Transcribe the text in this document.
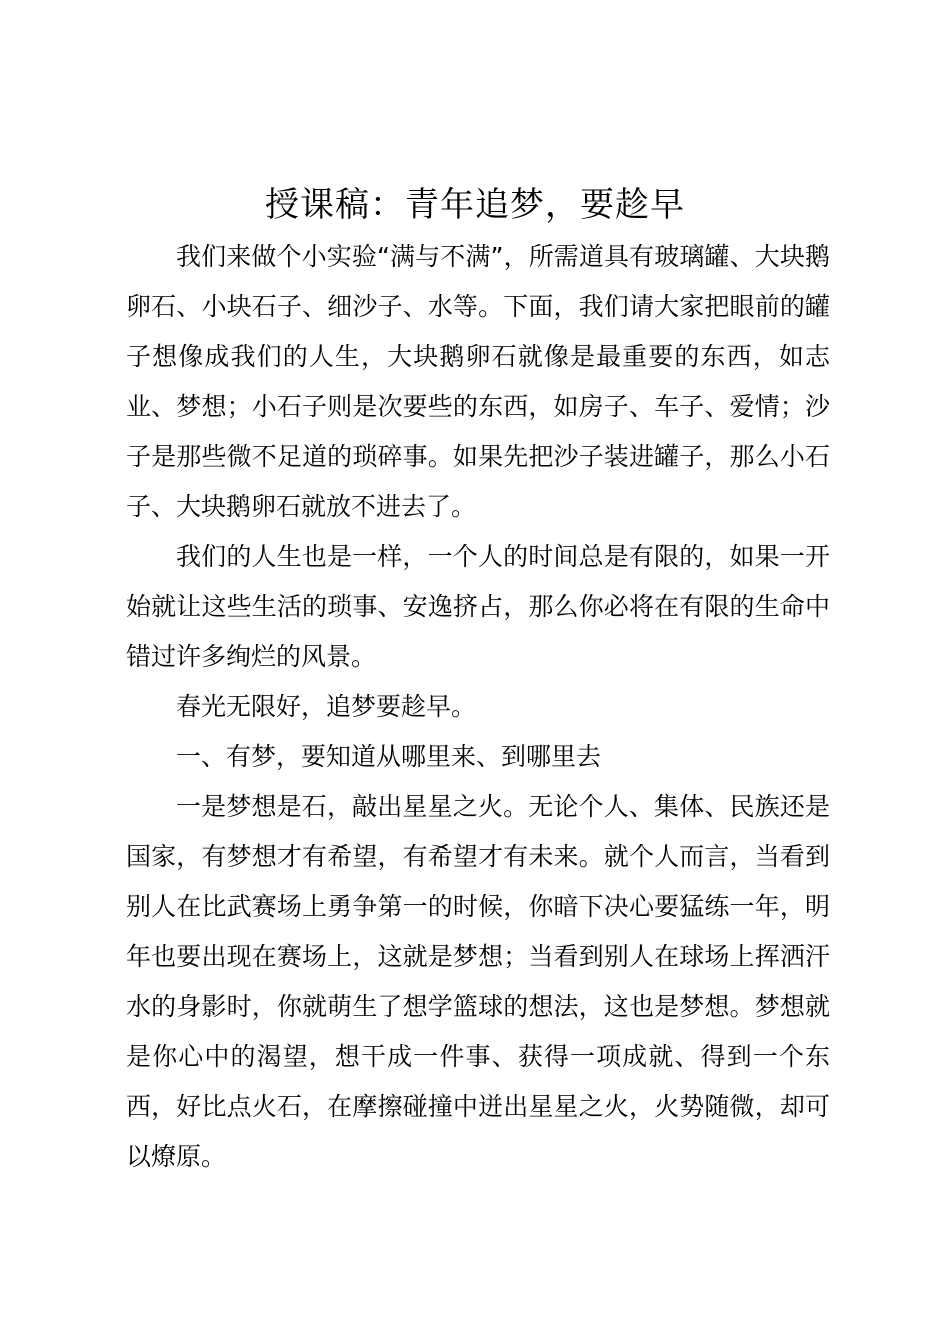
授课稿：青年追梦，要趁早

我们来做个小实验“满与不满”，所需道具有玻璃罐、大块鹅卵石、小块石子、细沙子、水等。下面，我们请大家把眼前的罐子想像成我们的人生，大块鹅卵石就像是最重要的东西，如志业、梦想；小石子则是次要些的东西，如房子、车子、爱情；沙子是那些微不足道的琐碎事。如果先把沙子装进罐子，那么小石子、大块鹅卵石就放不进去了。

我们的人生也是一样，一个人的时间总是有限的，如果一开始就让这些生活的琐事、安逸挤占，那么你必将在有限的生命中错过许多绚烂的风景。

春光无限好，追梦要趁早。

一、有梦，要知道从哪里来、到哪里去

一是梦想是石，敲出星星之火。无论个人、集体、民族还是国家，有梦想才有希望，有希望才有未来。就个人而言，当看到别人在比武赛场上勇争第一的时候，你暗下决心要猛练一年，明年也要出现在赛场上，这就是梦想；当看到别人在球场上挥洒汗水的身影时，你就萌生了想学篮球的想法，这也是梦想。梦想就是你心中的渴望，想干成一件事、获得一项成就、得到一个东西，好比点火石，在摩擦碰撞中迸出星星之火，火势随微，却可以燎原。
